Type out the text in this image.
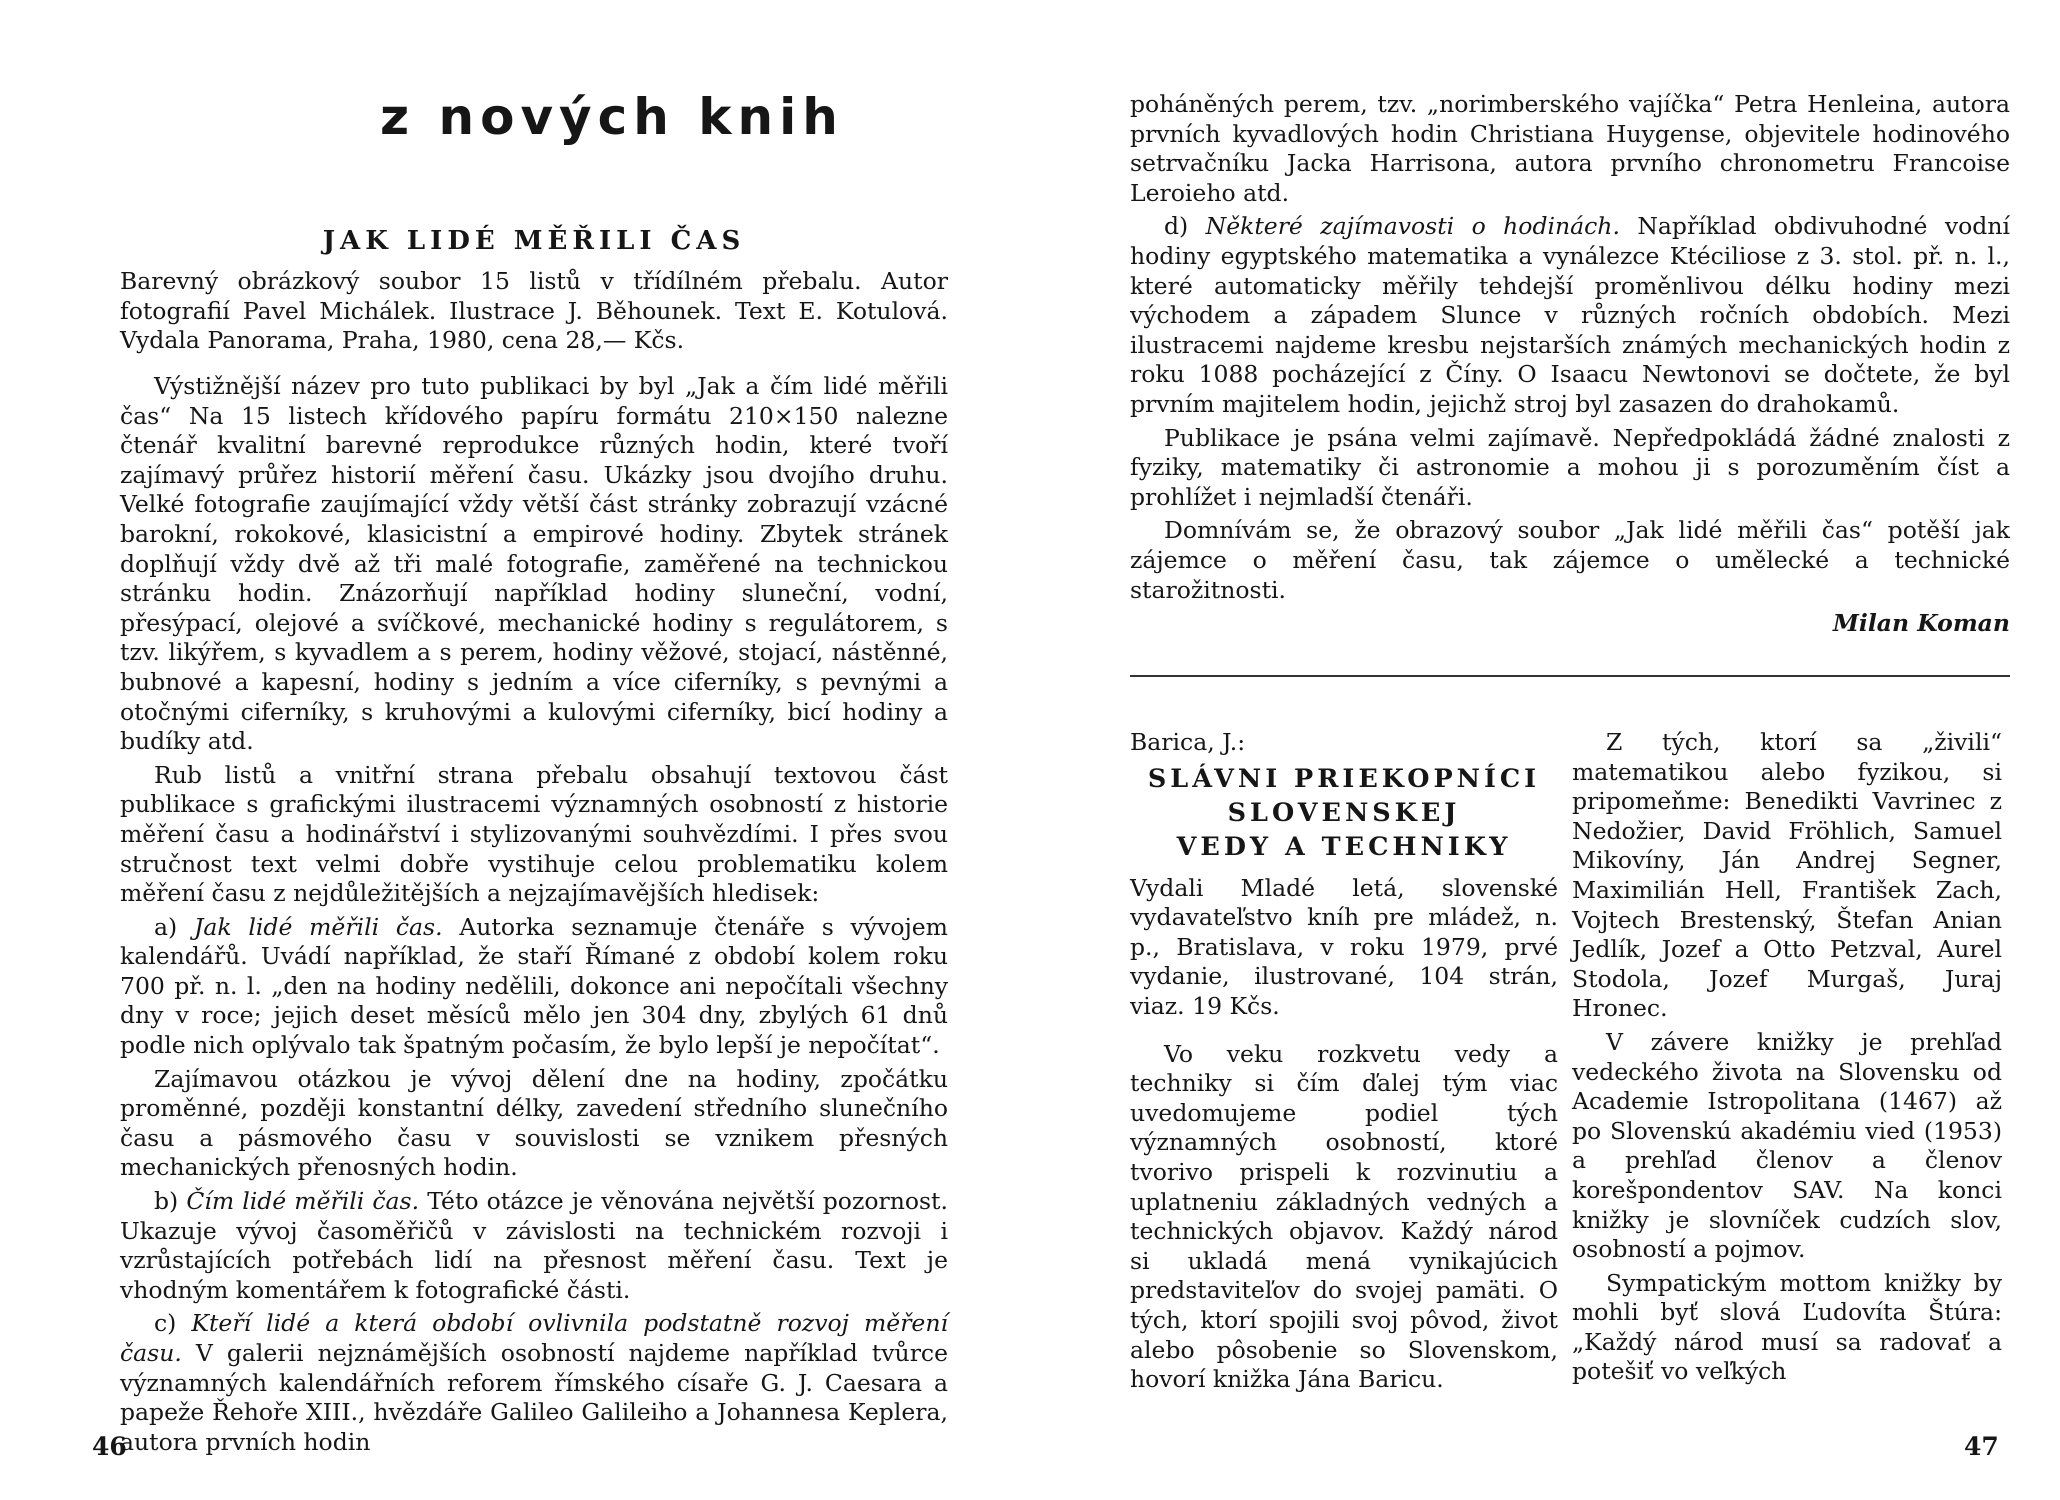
z nových knih
JAK LIDÉ MĚŘILI ČAS

Barevný obrázkový soubor 15 listů v třídílném přebalu. Autor fotografií Pavel Michálek. Ilustrace J. Běhounek. Text E. Kotulová. Vydala Panorama, Praha, 1980, cena 28,— Kčs.

Výstižnější název pro tuto publikaci by byl „Jak a čím lidé měřili čas“ Na 15 listech křídového papíru formátu 210×150 nalezne čtenář kvalitní barevné reprodukce různých hodin, které tvoří zajímavý průřez historií měření času. Ukázky jsou dvojího druhu. Velké fotografie zaujímající vždy větší část stránky zobrazují vzácné barokní, rokokové, klasicistní a empirové hodiny. Zbytek stránek doplňují vždy dvě až tři malé fotografie, zaměřené na technickou stránku hodin. Znázorňují například hodiny sluneční, vodní, přesýpací, olejové a svíčkové, mechanické hodiny s regulátorem, s tzv. likýřem, s kyvadlem a s perem, hodiny věžové, stojací, nástěnné, bubnové a kapesní, hodiny s jedním a více ciferníky, s pevnými a otočnými ciferníky, s kruhovými a kulovými ciferníky, bicí hodiny a budíky atd.

Rub listů a vnitřní strana přebalu obsahují textovou část publikace s grafickými ilustracemi významných osobností z historie měření času a hodinářství i stylizovanými souhvězdími. I přes svou stručnost text velmi dobře vystihuje celou problematiku kolem měření času z nejdůležitějších a nejzajímavějších hledisek:

a) Jak lidé měřili čas. Autorka seznamuje čtenáře s vývojem kalendářů. Uvádí například, že staří Římané z období kolem roku 700 př. n. l. „den na hodiny nedělili, dokonce ani nepočítali všechny dny v roce; jejich deset měsíců mělo jen 304 dny, zbylých 61 dnů podle nich oplývalo tak špatným počasím, že bylo lepší je nepočítat“.

Zajímavou otázkou je vývoj dělení dne na hodiny, zpočátku proměnné, později konstantní délky, zavedení středního slunečního času a pásmového času v souvislosti se vznikem přesných mechanických přenosných hodin.

b) Čím lidé měřili čas. Této otázce je věnována největší pozornost. Ukazuje vývoj časoměřičů v závislosti na technickém rozvoji i vzrůstajících potřebách lidí na přesnost měření času. Text je vhodným komentářem k fotografické části.

c) Kteří lidé a která období ovlivnila podstatně rozvoj měření času. V galerii nejznámějších osobností najdeme například tvůrce významných kalendářních reforem římského císaře G. J. Caesara a papeže Řehoře XIII., hvězdáře Galileo Galileiho a Johannesa Keplera, autora prvních hodin

46

poháněných perem, tzv. „norimberského vajíčka“ Petra Henleina, autora prvních kyvadlových hodin Christiana Huygense, objevitele hodinového setrvačníku Jacka Harrisona, autora prvního chronometru Francoise Leroieho atd.

d) Některé zajímavosti o hodinách. Například obdivuhodné vodní hodiny egyptského matematika a vynálezce Ktéciliose z 3. stol. př. n. l., které automaticky měřily tehdejší proměnlivou délku hodiny mezi východem a západem Slunce v různých ročních obdobích. Mezi ilustracemi najdeme kresbu nejstarších známých mechanických hodin z roku 1088 pocházející z Číny. O Isaacu Newtonovi se dočtete, že byl prvním majitelem hodin, jejichž stroj byl zasazen do drahokamů.

Publikace je psána velmi zajímavě. Nepředpokládá žádné znalosti z fyziky, matematiky či astronomie a mohou ji s porozuměním číst a prohlížet i nejmladší čtenáři.

Domnívám se, že obrazový soubor „Jak lidé měřili čas“ potěší jak zájemce o měření času, tak zájemce o umělecké a technické starožitnosti.

Milan Koman

Barica, J.:

SLÁVNI PRIEKOPNÍCI
SLOVENSKEJ
VEDY A TECHNIKY

Vydali Mladé letá, slovenské vydavateľstvo kníh pre mládež, n. p., Bratislava, v roku 1979, prvé vydanie, ilustrované, 104 strán, viaz. 19 Kčs.

Vo veku rozkvetu vedy a techniky si čím ďalej tým viac uvedomujeme podiel tých významných osobností, ktoré tvorivo prispeli k rozvinutiu a uplatneniu základných vedných a technických objavov. Každý národ si ukladá mená vynikajúcich predstaviteľov do svojej pamäti. O tých, ktorí spojili svoj pôvod, život alebo pôsobenie so Slovenskom, hovorí knižka Jána Baricu.

Z tých, ktorí sa „živili“ matematikou alebo fyzikou, si pripomeňme: Benedikti Vavrinec z Nedožier, David Fröhlich, Samuel Mikovíny, Ján Andrej Segner, Maximilián Hell, František Zach, Vojtech Brestenský, Štefan Anian Jedlík, Jozef a Otto Petzval, Aurel Stodola, Jozef Murgaš, Juraj Hronec.

V závere knižky je prehľad vedeckého života na Slovensku od Academie Istropolitana (1467) až po Slovenskú akadémiu vied (1953) a prehľad členov a členov korešpondentov SAV. Na konci knižky je slovníček cudzích slov, osobností a pojmov.

Sympatickým mottom knižky by mohli byť slová Ľudovíta Štúra: „Každý národ musí sa radovať a potešiť vo veľkých

47
